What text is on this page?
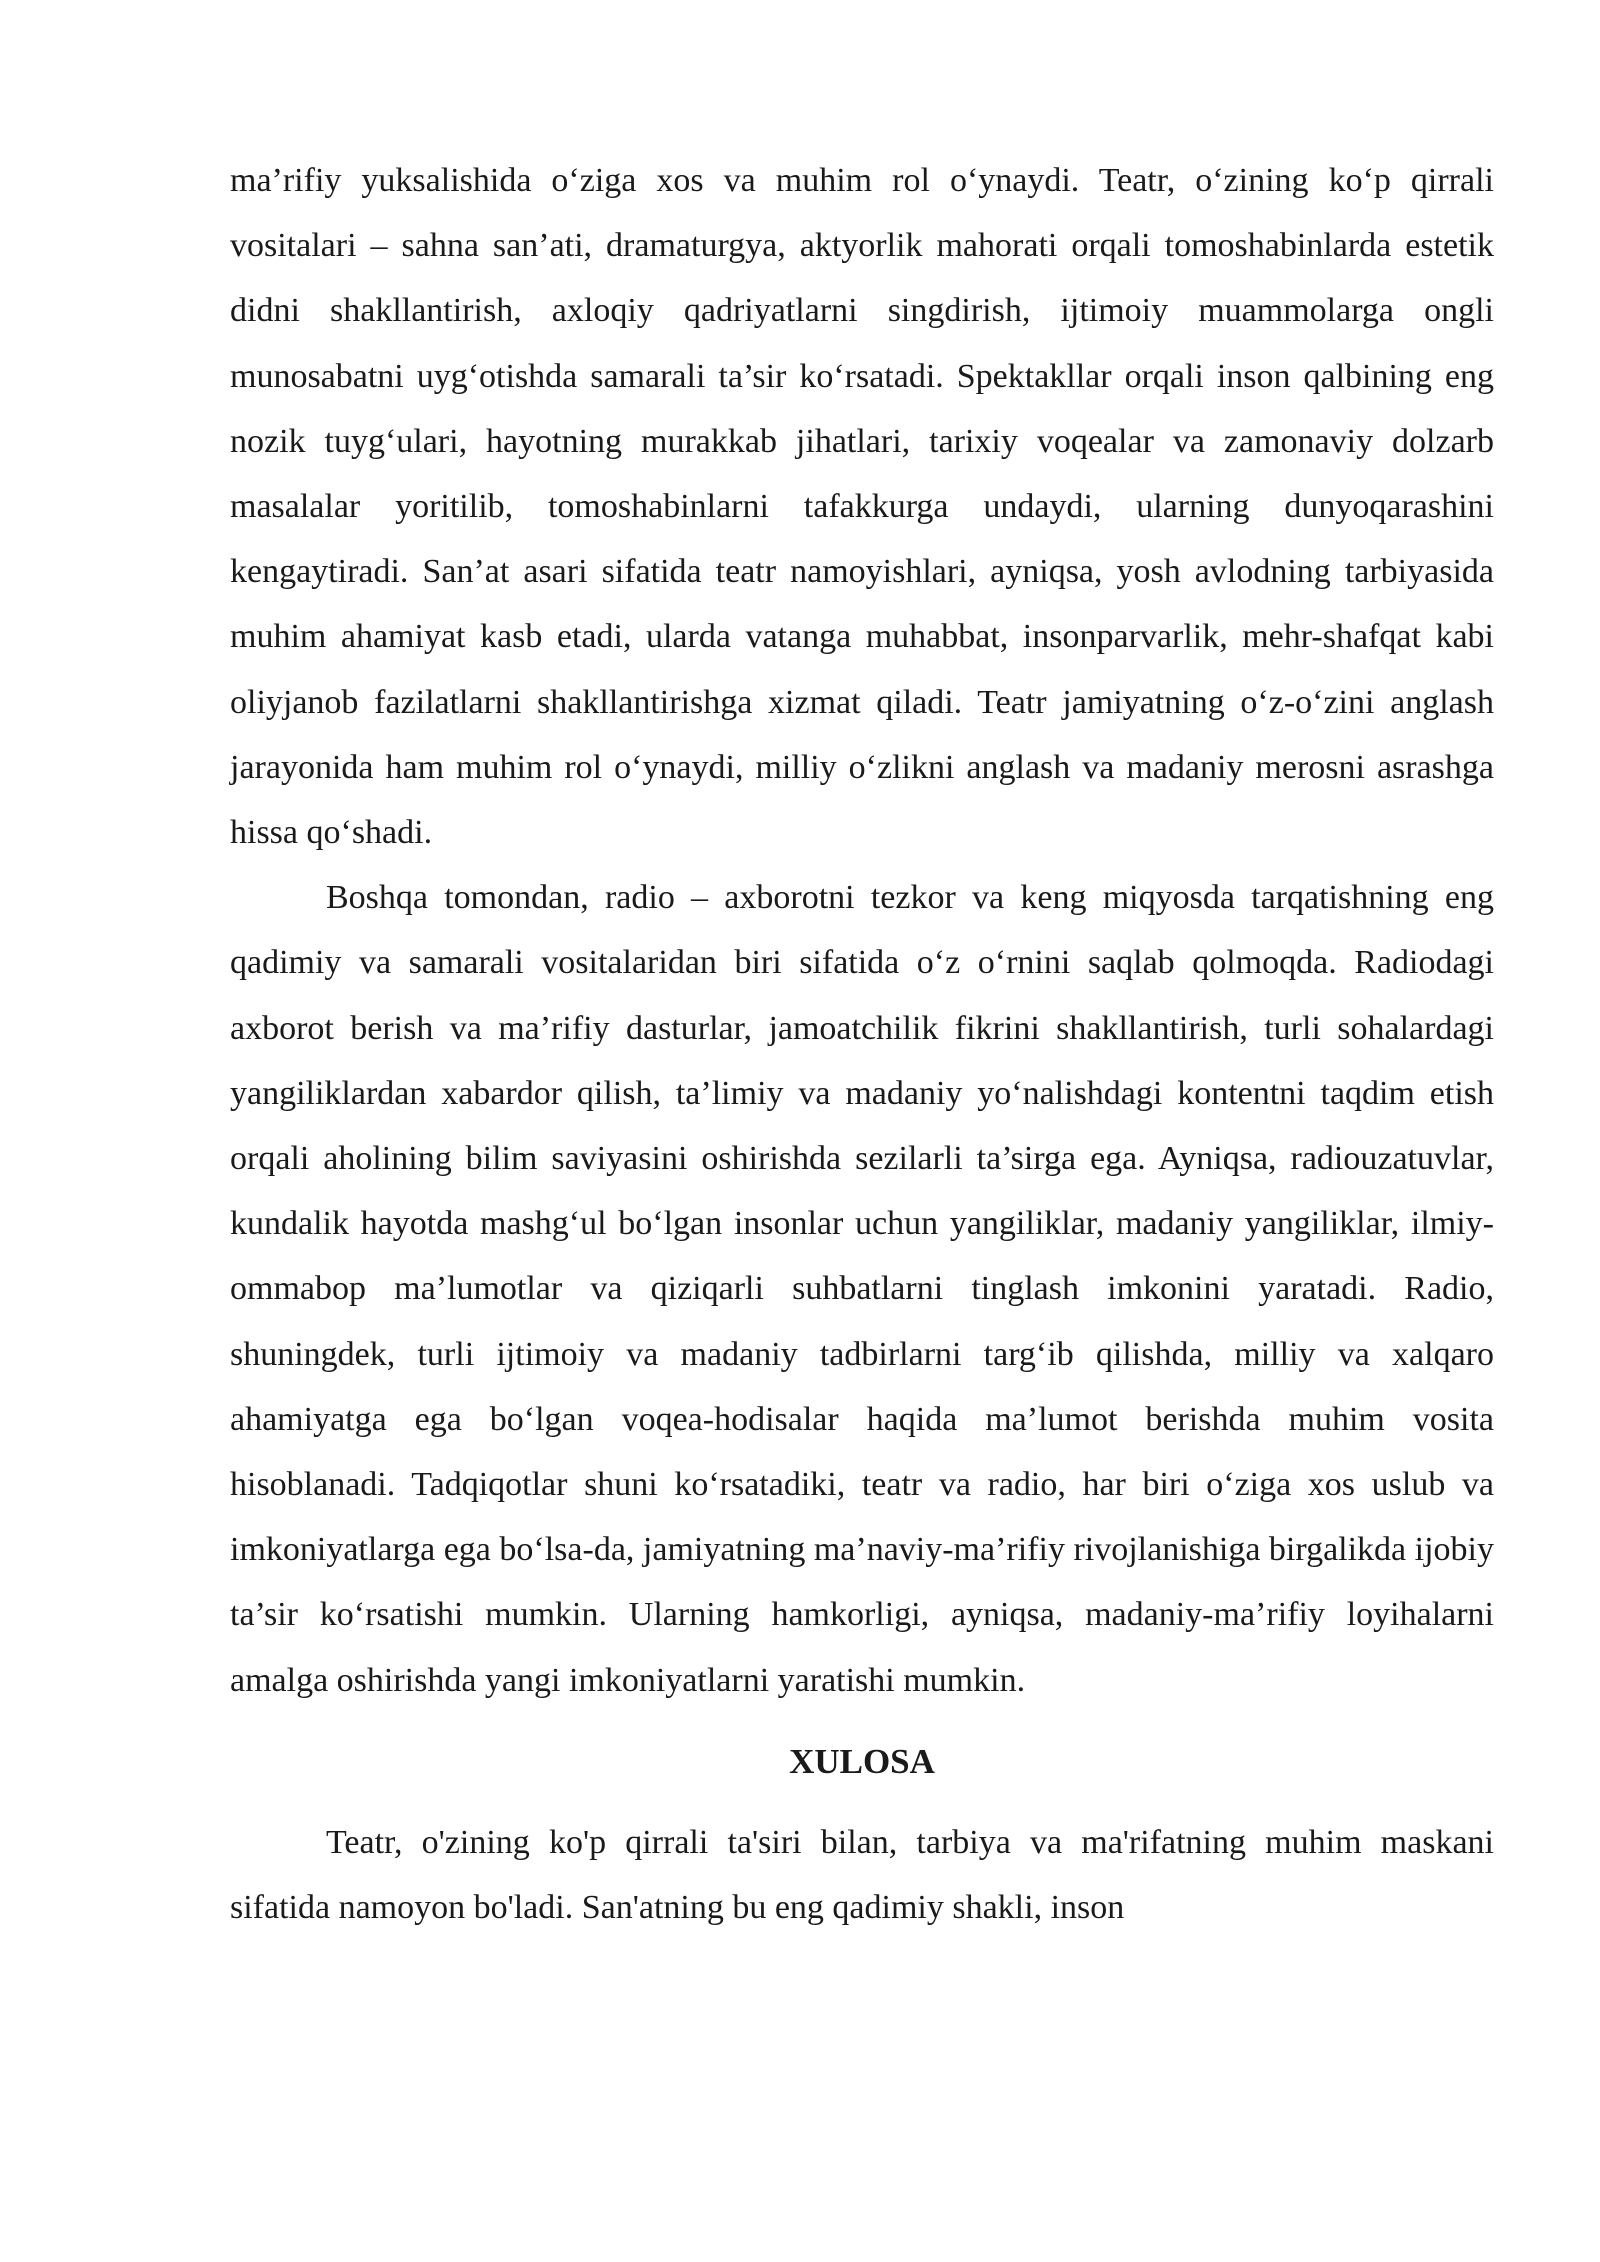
ma’rifiy yuksalishida o‘ziga xos va muhim rol o‘ynaydi. Teatr, o‘zining ko‘p qirrali vositalari – sahna san’ati, dramaturgya, aktyorlik mahorati orqali tomoshabinlarda estetik didni shakllantirish, axloqiy qadriyatlarni singdirish, ijtimoiy muammolarga ongli munosabatni uyg‘otishda samarali ta’sir ko‘rsatadi. Spektakllar orqali inson qalbining eng nozik tuyg‘ulari, hayotning murakkab jihatlari, tarixiy voqealar va zamonaviy dolzarb masalalar yoritilib, tomoshabinlarni tafakkurga undaydi, ularning dunyoqarashini kengaytiradi. San’at asari sifatida teatr namoyishlari, ayniqsa, yosh avlodning tarbiyasida muhim ahamiyat kasb etadi, ularda vatanga muhabbat, insonparvarlik, mehr-shafqat kabi oliyjanob fazilatlarni shakllantirishga xizmat qiladi. Teatr jamiyatning o‘z-o‘zini anglash jarayonida ham muhim rol o‘ynaydi, milliy o‘zlikni anglash va madaniy merosni asrashga hissa qo‘shadi.

Boshqa tomondan, radio – axborotni tezkor va keng miqyosda tarqatishning eng qadimiy va samarali vositalaridan biri sifatida o‘z o‘rnini saqlab qolmoqda. Radiodagi axborot berish va ma’rifiy dasturlar, jamoatchilik fikrini shakllantirish, turli sohalardagi yangiliklardan xabardor qilish, ta’limiy va madaniy yo‘nalishdagi kontentni taqdim etish orqali aholining bilim saviyasini oshirishda sezilarli ta’sirga ega. Ayniqsa, radiouzatuvlar, kundalik hayotda mashg‘ul bo‘lgan insonlar uchun yangiliklar, madaniy yangiliklar, ilmiy-ommabop ma’lumotlar va qiziqarli suhbatlarni tinglash imkonini yaratadi. Radio, shuningdek, turli ijtimoiy va madaniy tadbirlarni targ‘ib qilishda, milliy va xalqaro ahamiyatga ega bo‘lgan voqea-hodisalar haqida ma’lumot berishda muhim vosita hisoblanadi. Tadqiqotlar shuni ko‘rsatadiki, teatr va radio, har biri o‘ziga xos uslub va imkoniyatlarga ega bo‘lsa-da, jamiyatning ma’naviy-ma’rifiy rivojlanishiga birgalikda ijobiy ta’sir ko‘rsatishi mumkin. Ularning hamkorligi, ayniqsa, madaniy-ma’rifiy loyihalarni amalga oshirishda yangi imkoniyatlarni yaratishi mumkin.

XULOSA

Teatr, o'zining ko'p qirrali ta'siri bilan, tarbiya va ma'rifatning muhim maskani sifatida namoyon bo'ladi. San'atning bu eng qadimiy shakli, inson
